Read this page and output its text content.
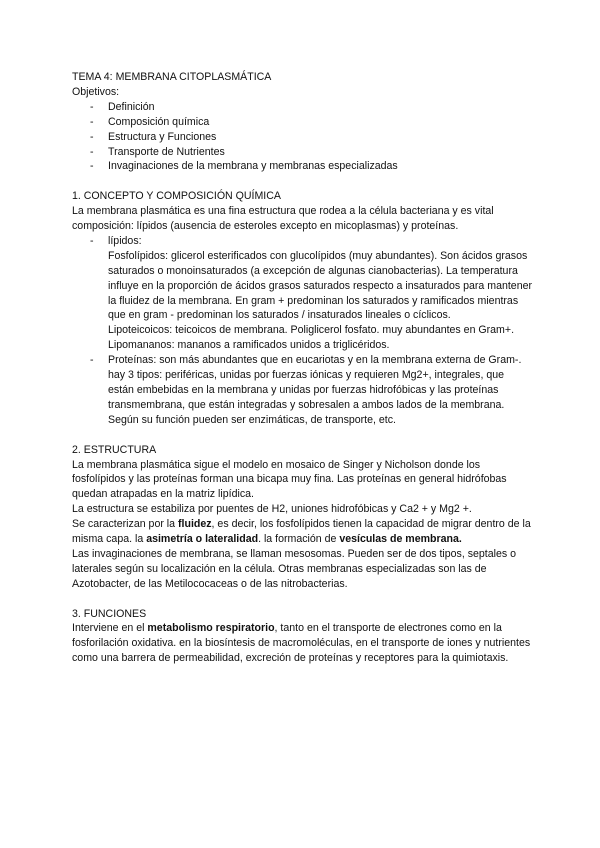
TEMA 4: MEMBRANA CITOPLASMÁTICA

Objetivos:

- Definición
- Composición química
- Estructura y Funciones
- Transporte de Nutrientes
- Invaginaciones de la membrana y membranas especializadas

1. CONCEPTO Y COMPOSICIÓN QUÍMICA

La membrana plasmática es una fina estructura que rodea a la célula bacteriana y es vital composición: lípidos (ausencia de esteroles excepto en micoplasmas) y proteínas.

- lípidos:

Fosfolípidos: glicerol esterificados con glucolípidos (muy abundantes). Son ácidos grasos saturados o monoinsaturados (a excepción de algunas cianobacterias). La temperatura influye en la proporción de ácidos grasos saturados respecto a insaturados para mantener la fluidez de la membrana. En gram + predominan los saturados y ramificados mientras que en gram - predominan los saturados / insaturados lineales o cíclicos.

Lipoteicoicos: teicoicos de membrana. Poliglicerol fosfato. muy abundantes en Gram+.

Lipomananos: mananos a ramificados unidos a triglicéridos.

- Proteínas: son más abundantes que en eucariotas y en la membrana externa de Gram-. hay 3 tipos: periféricas, unidas por fuerzas iónicas y requieren Mg2+, integrales, que están embebidas en la membrana y unidas por fuerzas hidrofóbicas y las proteínas transmembrana, que están integradas y sobresalen a ambos lados de la membrana. Según su función pueden ser enzimáticas, de transporte, etc.

2. ESTRUCTURA

La membrana plasmática sigue el modelo en mosaico de Singer y Nicholson donde los fosfolípidos y las proteínas forman una bicapa muy fina. Las proteínas en general hidrófobas quedan atrapadas en la matriz lipídica.

La estructura se estabiliza por puentes de H2, uniones hidrofóbicas y Ca2 + y Mg2 +.

Se caracterizan por la fluidez, es decir, los fosfolípidos tienen la capacidad de migrar dentro de la misma capa. la asimetría o lateralidad. la formación de vesículas de membrana.

Las invaginaciones de membrana, se llaman mesosomas. Pueden ser de dos tipos, septales o laterales según su localización en la célula. Otras membranas especializadas son las de Azotobacter, de las Metilococaceas o de las nitrobacterias.

3. FUNCIONES

Interviene en el metabolismo respiratorio, tanto en el transporte de electrones como en la fosforilación oxidativa. en la biosíntesis de macromoléculas, en el transporte de iones y nutrientes como una barrera de permeabilidad, excreción de proteínas y receptores para la quimiotaxis.
